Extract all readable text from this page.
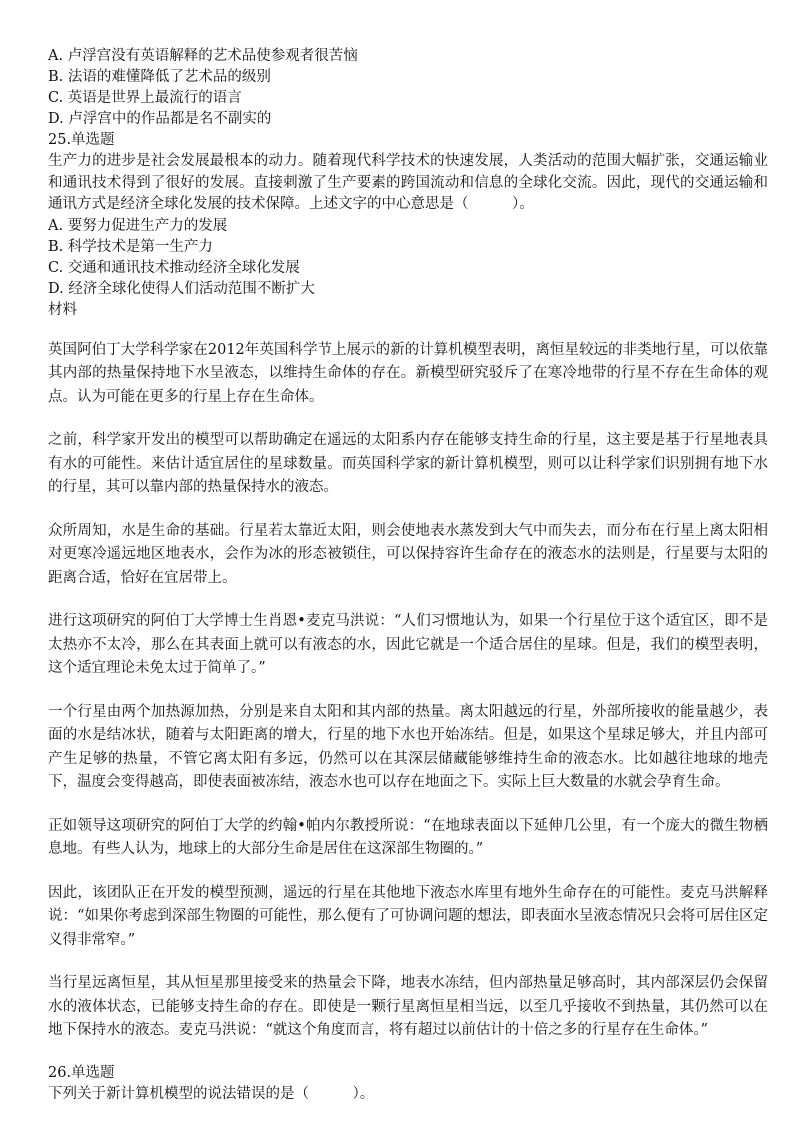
A. 卢浮宫没有英语解释的艺术品使参观者很苦恼
B. 法语的难懂降低了艺术品的级别
C. 英语是世界上最流行的语言
D. 卢浮宫中的作品都是名不副实的
25.单选题
生产力的进步是社会发展最根本的动力。随着现代科学技术的快速发展，人类活动的范围大幅扩张，交通运输业和通讯技术得到了很好的发展。直接刺激了生产要素的跨国流动和信息的全球化交流。因此，现代的交通运输和通讯方式是经济全球化发展的技术保障。上述文字的中心意思是（　　　）。
A. 要努力促进生产力的发展
B. 科学技术是第一生产力
C. 交通和通讯技术推动经济全球化发展
D. 经济全球化使得人们活动范围不断扩大
材料
英国阿伯丁大学科学家在2012年英国科学节上展示的新的计算机模型表明，离恒星较远的非类地行星，可以依靠其内部的热量保持地下水呈液态，以维持生命体的存在。新模型研究驳斥了在寒冷地带的行星不存在生命体的观点。认为可能在更多的行星上存在生命体。
之前，科学家开发出的模型可以帮助确定在遥远的太阳系内存在能够支持生命的行星，这主要是基于行星地表具有水的可能性。来估计适宜居住的星球数量。而英国科学家的新计算机模型，则可以让科学家们识别拥有地下水的行星，其可以靠内部的热量保持水的液态。
众所周知，水是生命的基础。行星若太靠近太阳，则会使地表水蒸发到大气中而失去，而分布在行星上离太阳相对更寒冷遥远地区地表水，会作为冰的形态被锁住，可以保持容许生命存在的液态水的法则是，行星要与太阳的距离合适，恰好在宜居带上。
进行这项研究的阿伯丁大学博士生肖恩•麦克马洪说：“人们习惯地认为，如果一个行星位于这个适宜区，即不是太热亦不太冷，那么在其表面上就可以有液态的水，因此它就是一个适合居住的星球。但是，我们的模型表明，这个适宜理论未免太过于简单了。”
一个行星由两个加热源加热，分别是来自太阳和其内部的热量。离太阳越远的行星，外部所接收的能量越少，表面的水是结冰状，随着与太阳距离的增大，行星的地下水也开始冻结。但是，如果这个星球足够大，并且内部可产生足够的热量，不管它离太阳有多远，仍然可以在其深层储藏能够维持生命的液态水。比如越往地球的地壳下，温度会变得越高，即使表面被冻结，液态水也可以存在地面之下。实际上巨大数量的水就会孕育生命。
正如领导这项研究的阿伯丁大学的约翰•帕内尔教授所说：“在地球表面以下延伸几公里，有一个庞大的微生物栖息地。有些人认为，地球上的大部分生命是居住在这深部生物圈的。”
因此，该团队正在开发的模型预测，遥远的行星在其他地下液态水库里有地外生命存在的可能性。麦克马洪解释说：“如果你考虑到深部生物圈的可能性，那么便有了可协调问题的想法，即表面水呈液态情况只会将可居住区定义得非常窄。”
当行星远离恒星，其从恒星那里接受来的热量会下降，地表水冻结，但内部热量足够高时，其内部深层仍会保留水的液体状态，已能够支持生命的存在。即使是一颗行星离恒星相当远，以至几乎接收不到热量，其仍然可以在地下保持水的液态。麦克马洪说：“就这个角度而言，将有超过以前估计的十倍之多的行星存在生命体。”
26.单选题
下列关于新计算机模型的说法错误的是（　　　）。
